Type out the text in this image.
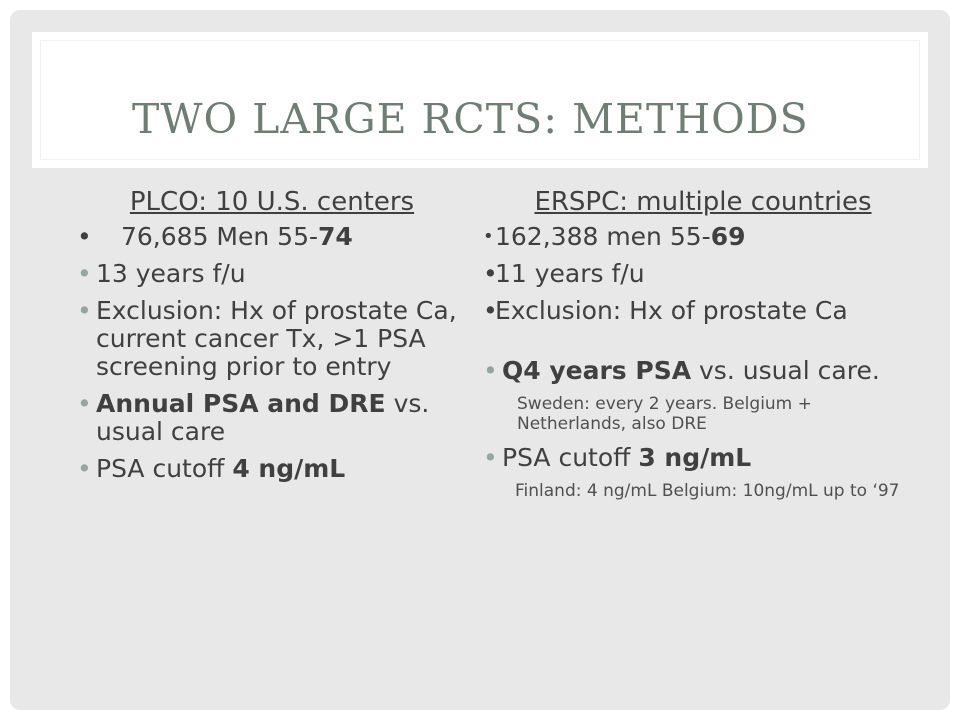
TWO LARGE RCTS: METHODS
PLCO: 10 U.S. centers
• 76,685 Men 55-74
• 13 years f/u
• Exclusion: Hx of prostate Ca, current cancer Tx, >1 PSA screening prior to entry
• Annual PSA and DRE vs. usual care
• PSA cutoff 4 ng/mL
ERSPC: multiple countries
• 162,388 men 55-69
•
11 years f/u
•
Exclusion: Hx of prostate Ca
• Q4 years PSA vs. usual care.
Sweden: every 2 years. Belgium + Netherlands, also DRE
• PSA cutoff 3 ng/mL
Finland: 4 ng/mL Belgium: 10ng/mL up to ‘97
